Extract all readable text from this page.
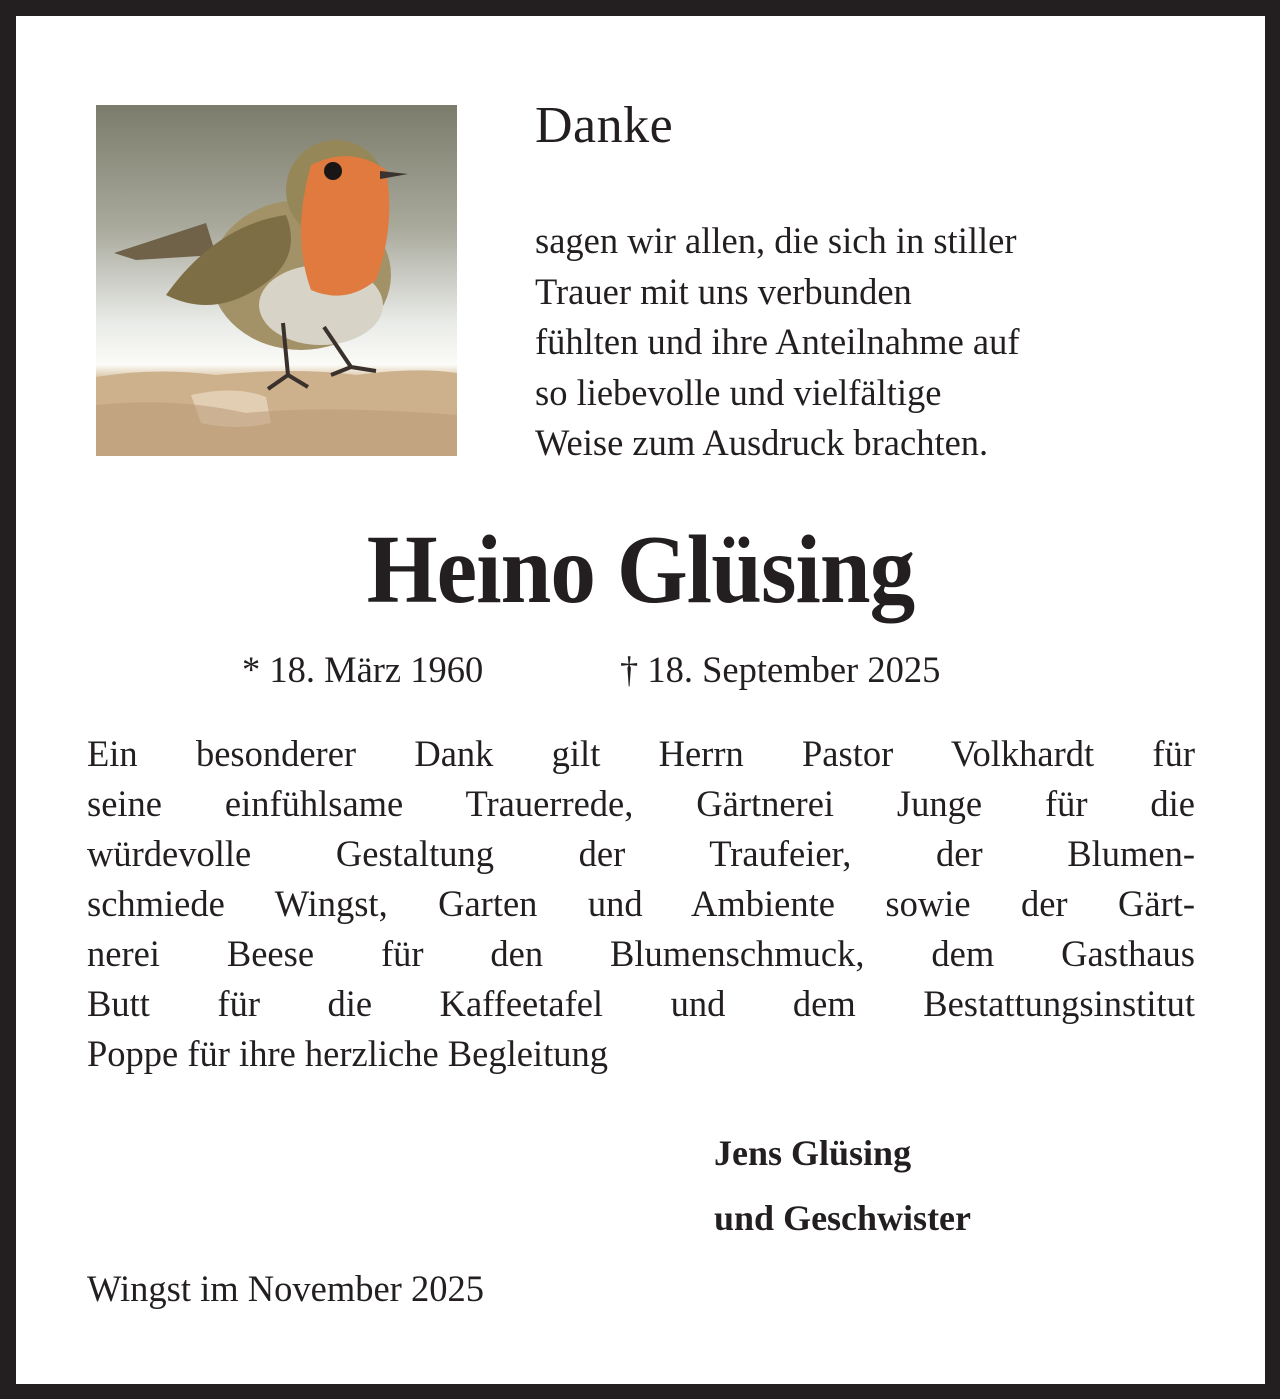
Danke
sagen wir allen, die sich in stiller
Trauer mit uns verbunden
fühlten und ihre Anteilnahme auf
so liebevolle und vielfältige
Weise zum Ausdruck brachten.
Heino Glüsing
* 18. März 1960	† 18. September 2025
Ein besonderer Dank gilt Herrn Pastor Volkhardt für
seine einfühlsame Trauerrede, Gärtnerei Junge für die
würdevolle Gestaltung der Traufeier, der Blumen-
schmiede Wingst, Garten und Ambiente sowie der Gärt-
nerei Beese für den Blumenschmuck, dem Gasthaus
Butt für die Kaffeetafel und dem Bestattungsinstitut
Poppe für ihre herzliche Begleitung
Jens Glüsing
und Geschwister
Wingst im November 2025
